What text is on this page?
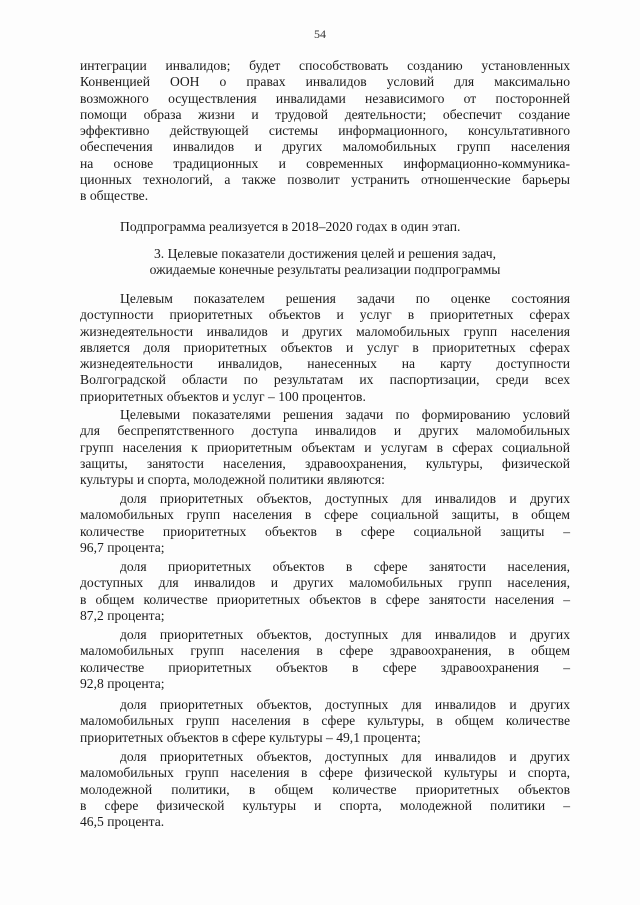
54
интеграции инвалидов; будет способствовать созданию установленных
Конвенцией ООН о правах инвалидов условий для максимально
возможного осуществления инвалидами независимого от посторонней
помощи образа жизни и трудовой деятельности; обеспечит создание
эффективно действующей системы информационного, консультативного
обеспечения инвалидов и других маломобильных групп населения
на основе традиционных и современных информационно-коммуника-
ционных технологий, а также позволит устранить отношенческие барьеры
в обществе.
Подпрограмма реализуется в 2018–2020 годах в один этап.
3. Целевые показатели достижения целей и решения задач,
ожидаемые конечные результаты реализации подпрограммы
Целевым показателем решения задачи по оценке состояния
доступности приоритетных объектов и услуг в приоритетных сферах
жизнедеятельности инвалидов и других маломобильных групп населения
является доля приоритетных объектов и услуг в приоритетных сферах
жизнедеятельности инвалидов, нанесенных на карту доступности
Волгоградской области по результатам их паспортизации, среди всех
приоритетных объектов и услуг – 100 процентов.
Целевыми показателями решения задачи по формированию условий
для беспрепятственного доступа инвалидов и других маломобильных
групп населения к приоритетным объектам и услугам в сферах социальной
защиты, занятости населения, здравоохранения, культуры, физической
культуры и спорта, молодежной политики являются:
доля приоритетных объектов, доступных для инвалидов и других
маломобильных групп населения в сфере социальной защиты, в общем
количестве приоритетных объектов в сфере социальной защиты –
96,7 процента;
доля приоритетных объектов в сфере занятости населения,
доступных для инвалидов и других маломобильных групп населения,
в общем количестве приоритетных объектов в сфере занятости населения –
87,2 процента;
доля приоритетных объектов, доступных для инвалидов и других
маломобильных групп населения в сфере здравоохранения, в общем
количестве приоритетных объектов в сфере здравоохранения –
92,8 процента;
доля приоритетных объектов, доступных для инвалидов и других
маломобильных групп населения в сфере культуры, в общем количестве
приоритетных объектов в сфере культуры – 49,1 процента;
доля приоритетных объектов, доступных для инвалидов и других
маломобильных групп населения в сфере физической культуры и спорта,
молодежной политики, в общем количестве приоритетных объектов
в сфере физической культуры и спорта, молодежной политики –
46,5 процента.
